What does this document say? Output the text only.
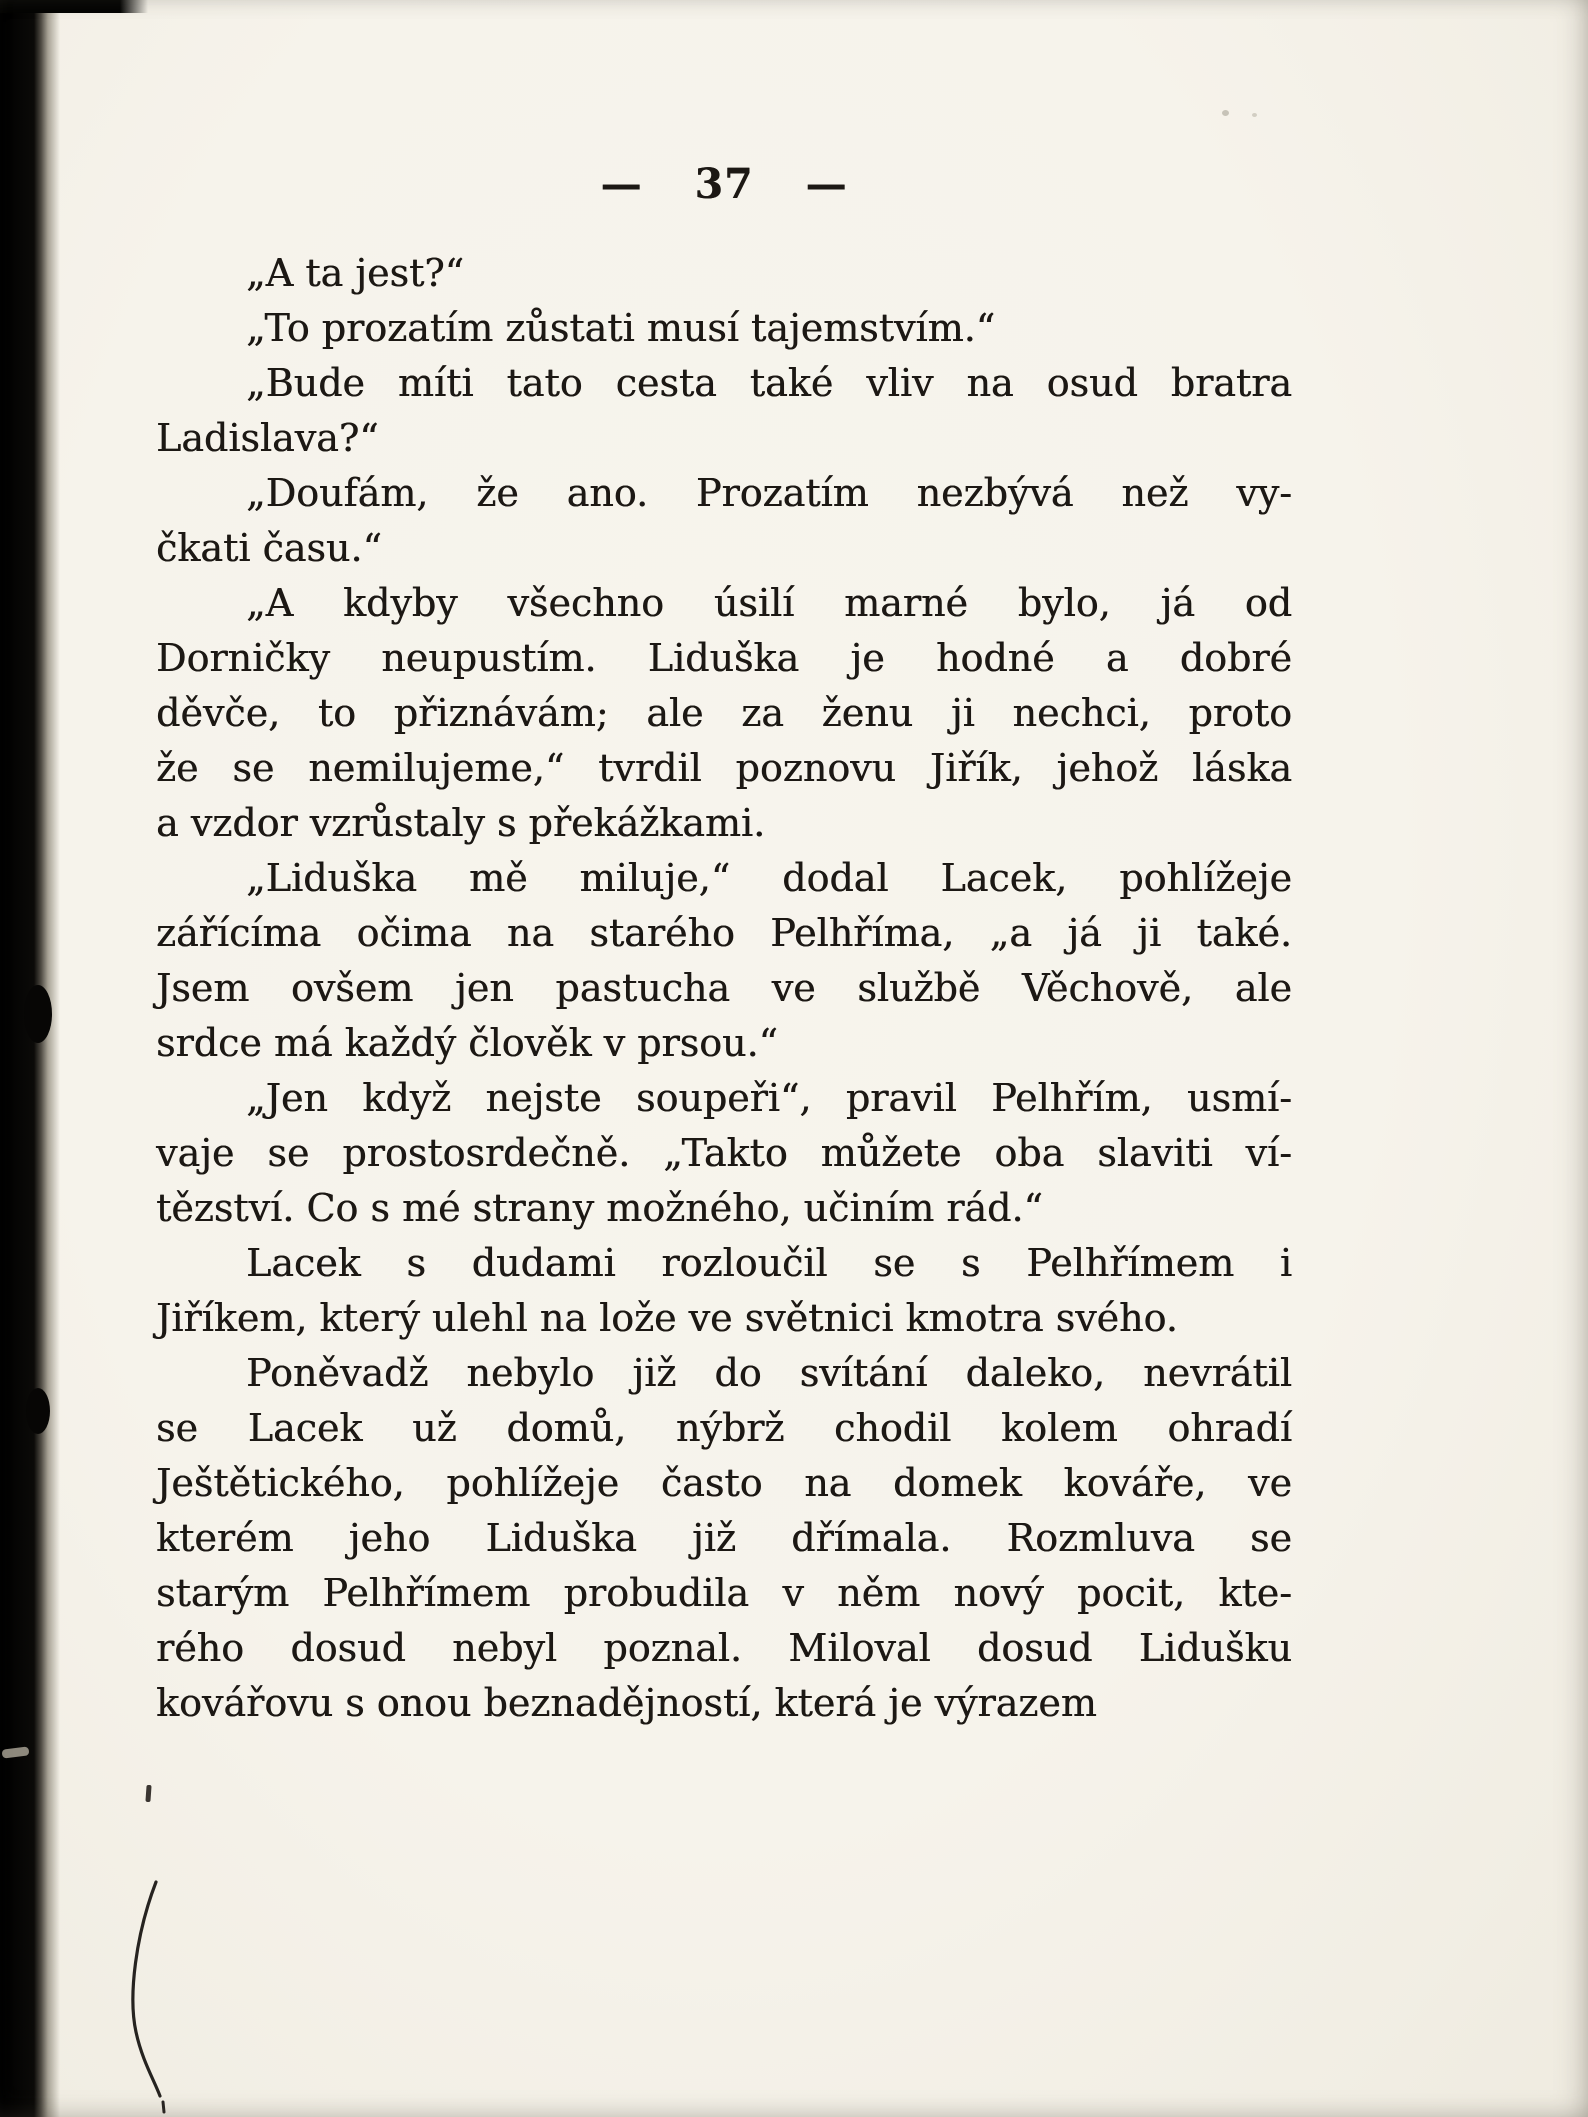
— 37 —
„A ta jest?“
„To prozatím zůstati musí tajemstvím.“
„Bude míti tato cesta také vliv na osud bratra
Ladislava?“
„Doufám, že ano. Prozatím nezbývá než vy-
čkati času.“
„A kdyby všechno úsilí marné bylo, já od
Dorničky neupustím. Liduška je hodné a dobré
děvče, to přiznávám; ale za ženu ji nechci, proto
že se nemilujeme,“ tvrdil poznovu Jiřík, jehož láska
a vzdor vzrůstaly s překážkami.
„Liduška mě miluje,“ dodal Lacek, pohlížeje
zářícíma očima na starého Pelhříma, „a já ji také.
Jsem ovšem jen pastucha ve službě Věchově, ale
srdce má každý člověk v prsou.“
„Jen když nejste soupeři“, pravil Pelhřím, usmí-
vaje se prostosrdečně. „Takto můžete oba slaviti ví-
tězství. Co s mé strany možného, učiním rád.“
Lacek s dudami rozloučil se s Pelhřímem i
Jiříkem, který ulehl na lože ve světnici kmotra svého.
Poněvadž nebylo již do svítání daleko, nevrátil
se Lacek už domů, nýbrž chodil kolem ohradí
Ještětického, pohlížeje často na domek kováře, ve
kterém jeho Liduška již dřímala. Rozmluva se
starým Pelhřímem probudila v něm nový pocit, kte-
rého dosud nebyl poznal. Miloval dosud Lidušku
kovářovu s onou beznadějností, která je výrazem
